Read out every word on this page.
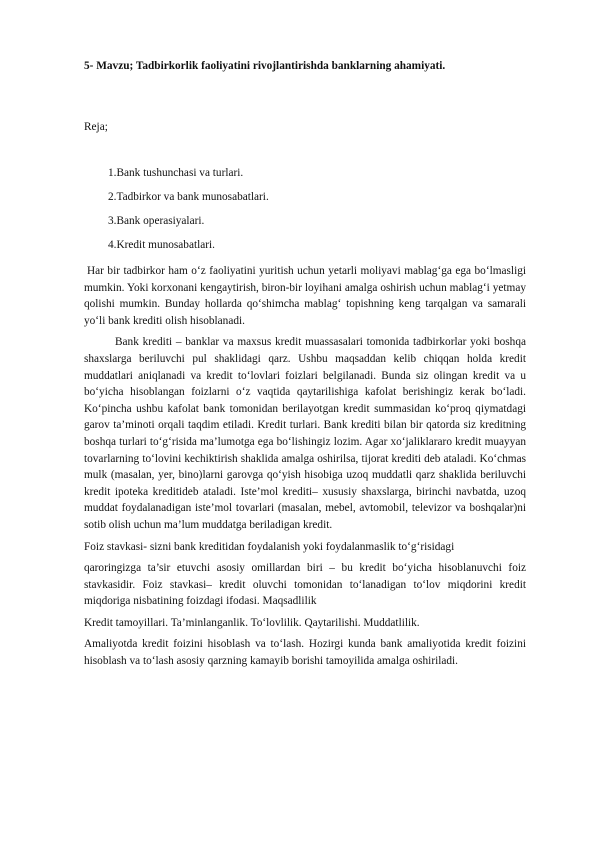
5- Mavzu; Tadbirkorlik faoliyatini rivojlantirishda banklarning ahamiyati.
Reja;
1.Bank tushunchasi va turlari.
2.Tadbirkor va bank munosabatlari.
3.Bank operasiyalari.
4.Kredit munosabatlari.

Har bir tadbirkor ham o‘z faoliyatini yuritish uchun yetarli moliyavi mablag‘ga ega bo‘lmasligi mumkin. Yoki korxonani kengaytirish, biron-bir loyihani amalga oshirish uchun mablag‘i yetmay qolishi mumkin. Bunday hollarda qo‘shimcha mablag‘ topishning keng tarqalgan va samarali yo‘li bank krediti olish hisoblanadi.

Bank krediti – banklar va maxsus kredit muassasalari tomonida tadbirkorlar yoki boshqa shaxslarga beriluvchi pul shaklidagi qarz. Ushbu maqsaddan kelib chiqqan holda kredit muddatlari aniqlanadi va kredit to‘lovlari foizlari belgilanadi. Bunda siz olingan kredit va u bo‘yicha hisoblangan foizlarni o‘z vaqtida qaytarilishiga kafolat berishingiz kerak bo‘ladi. Ko‘pincha ushbu kafolat bank tomonidan berilayotgan kredit summasidan ko‘proq qiymatdagi garov ta’minoti orqali taqdim etiladi. Kredit turlari. Bank krediti bilan bir qatorda siz kreditning boshqa turlari to‘g‘risida ma’lumotga ega bo‘lishingiz lozim. Agar xo‘jaliklararo kredit muayyan tovarlarning to‘lovini kechiktirish shaklida amalga oshirilsa, tijorat krediti deb ataladi. Ko‘chmas mulk (masalan, yer, bino)larni garovga qo‘yish hisobiga uzoq muddatli qarz shaklida beriluvchi kredit ipoteka kreditideb ataladi. Iste’mol krediti– xususiy shaxslarga, birinchi navbatda, uzoq muddat foydalanadigan iste’mol tovarlari (masalan, mebel, avtomobil, televizor va boshqalar)ni sotib olish uchun ma’lum muddatga beriladigan kredit.

Foiz stavkasi- sizni bank kreditidan foydalanish yoki foydalanmaslik to‘g‘risidagi

qaroringizga ta’sir etuvchi asosiy omillardan biri – bu kredit bo‘yicha hisoblanuvchi foiz stavkasidir. Foiz stavkasi– kredit oluvchi tomonidan to‘lanadigan to‘lov miqdorini kredit miqdoriga nisbatining foizdagi ifodasi. Maqsadlilik

Kredit tamoyillari. Ta’minlanganlik. To‘lovlilik. Qaytarilishi. Muddatlilik.

Amaliyotda kredit foizini hisoblash va to‘lash. Hozirgi kunda bank amaliyotida kredit foizini hisoblash va to‘lash asosiy qarzning kamayib borishi tamoyilida amalga oshiriladi.
